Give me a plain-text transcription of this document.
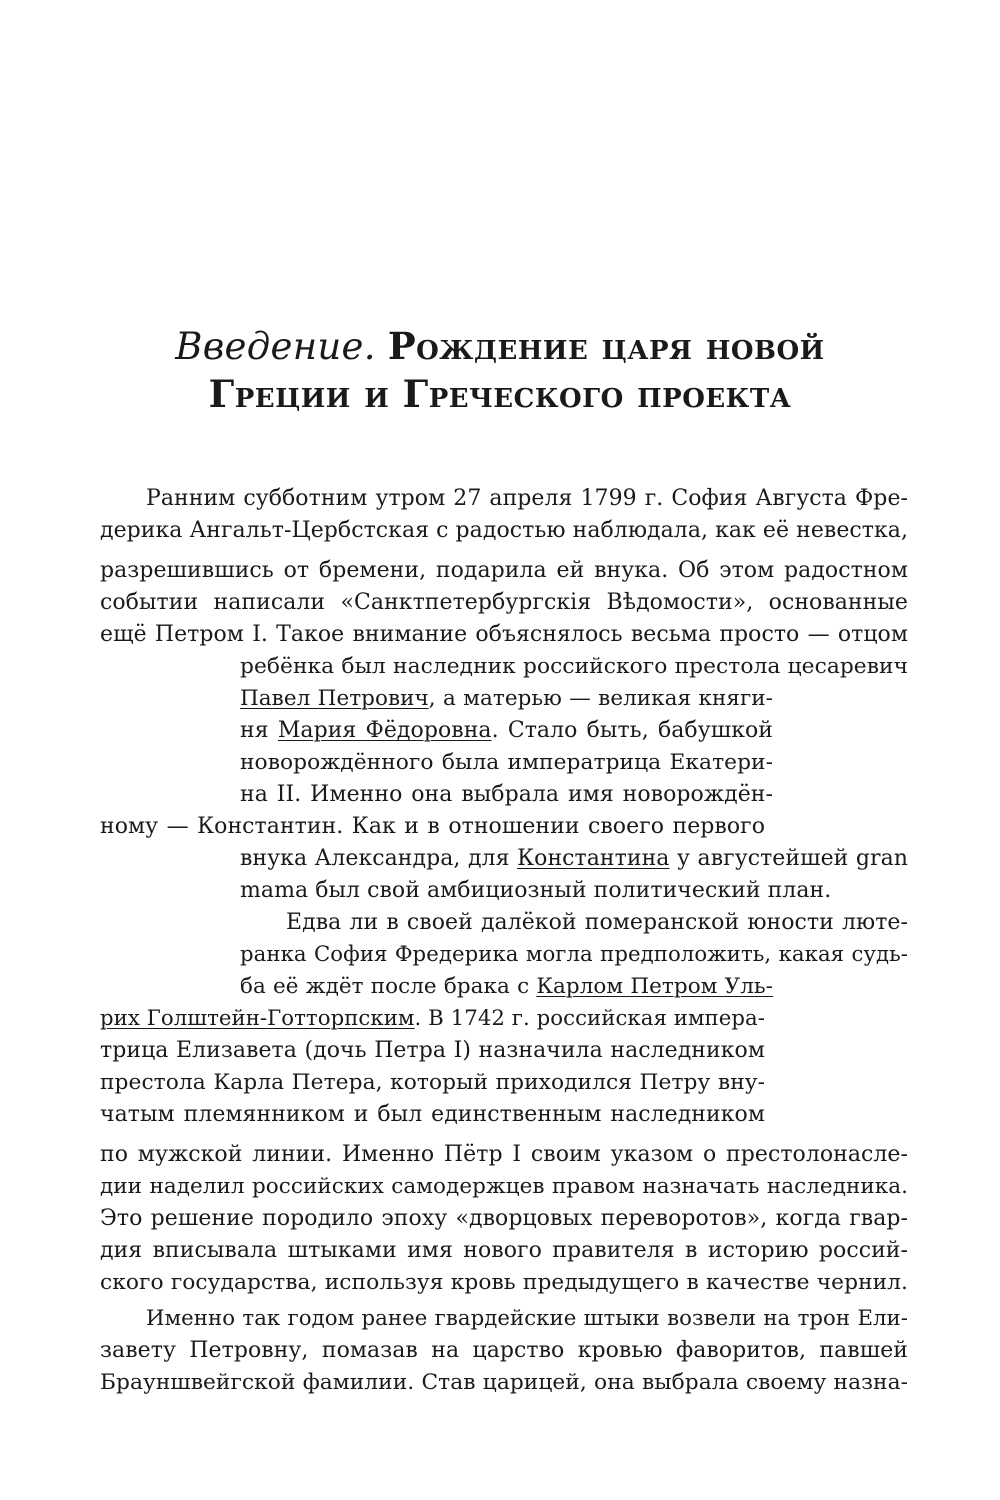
Введение. Рождение царя новой
Греции и Греческого проекта
Ранним субботним утром 27 апреля 1799 г. София Августа Фре-
дерика Ангальт-Цербстская с радостью наблюдала, как её невестка,
разрешившись от бремени, подарила ей внука. Об этом радостном
событии написали «Санктпетербургскія Вѣдомости», основанные
ещё Петром I. Такое внимание объяснялось весьма просто — отцом
ребёнка был наследник российского престола цесаревич
Павел Петрович, а матерью — великая княги-
ня Мария Фёдоровна. Стало быть, бабушкой
новорождённого была императрица Екатери-
на II. Именно она выбрала имя новорождён-
ному — Константин. Как и в отношении своего первого
внука Александра, для Константина у августейшей gran
mama был свой амбициозный политический план.
Едва ли в своей далёкой померанской юности люте-
ранка София Фредерика могла предположить, какая судь-
ба её ждёт после брака с Карлом Петром Уль-
рих Голштейн-Готторпским. В 1742 г. российская импера-
трица Елизавета (дочь Петра I) назначила наследником
престола Карла Петера, который приходился Петру вну-
чатым племянником и был единственным наследником
по мужской линии. Именно Пётр I своим указом о престолонасле-
дии наделил российских самодержцев правом назначать наследника.
Это решение породило эпоху «дворцовых переворотов», когда гвар-
дия вписывала штыками имя нового правителя в историю россий-
ского государства, используя кровь предыдущего в качестве чернил.
Именно так годом ранее гвардейские штыки возвели на трон Ели-
завету Петровну, помазав на царство кровью фаворитов, павшей
Брауншвейгской фамилии. Став царицей, она выбрала своему назна-
